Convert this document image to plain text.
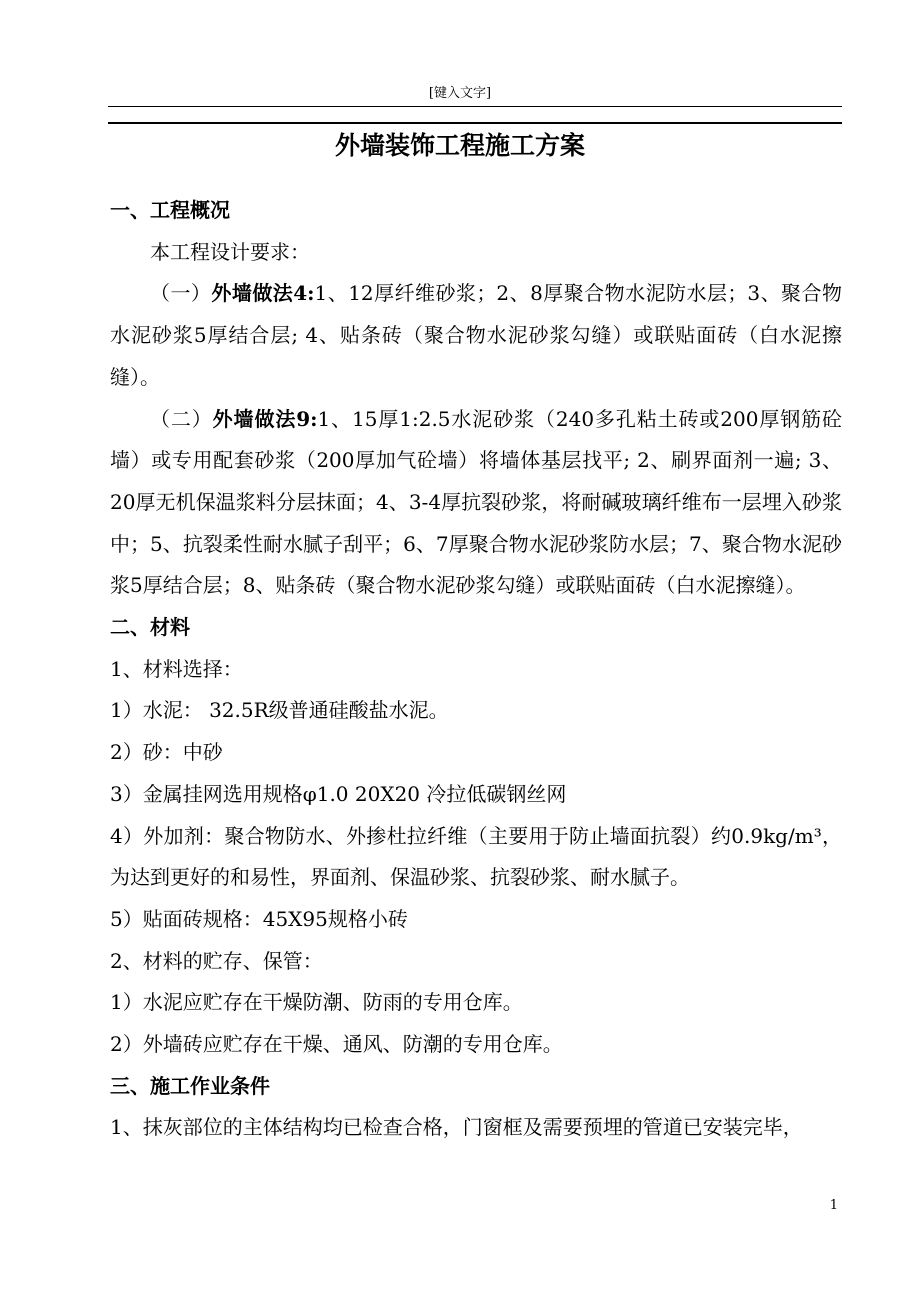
[键入文字]
外墙装饰工程施工方案

一、工程概况

本工程设计要求：

（一）外墙做法4:1、12厚纤维砂浆；2、8厚聚合物水泥防水层；3、聚合物水泥砂浆5厚结合层; 4、贴条砖（聚合物水泥砂浆勾缝）或联贴面砖（白水泥擦缝）。

（二）外墙做法9:1、15厚1:2.5水泥砂浆（240多孔粘土砖或200厚钢筋砼墙）或专用配套砂浆（200厚加气砼墙）将墙体基层找平; 2、刷界面剂一遍; 3、20厚无机保温浆料分层抹面；4、3-4厚抗裂砂浆，将耐碱玻璃纤维布一层埋入砂浆中；5、抗裂柔性耐水腻子刮平；6、7厚聚合物水泥砂浆防水层；7、聚合物水泥砂浆5厚结合层；8、贴条砖（聚合物水泥砂浆勾缝）或联贴面砖（白水泥擦缝）。

二、材料

1、材料选择：

1）水泥： 32.5R级普通硅酸盐水泥。

2）砂：中砂

3）金属挂网选用规格φ1.0 20X20 冷拉低碳钢丝网

4）外加剂：聚合物防水、外掺杜拉纤维（主要用于防止墙面抗裂）约0.9kg/m³，为达到更好的和易性，界面剂、保温砂浆、抗裂砂浆、耐水腻子。

5）贴面砖规格：45X95规格小砖

2、材料的贮存、保管：

1）水泥应贮存在干燥防潮、防雨的专用仓库。

2）外墙砖应贮存在干燥、通风、防潮的专用仓库。

三、施工作业条件

1、抹灰部位的主体结构均已检查合格，门窗框及需要预埋的管道已安装完毕，

1
